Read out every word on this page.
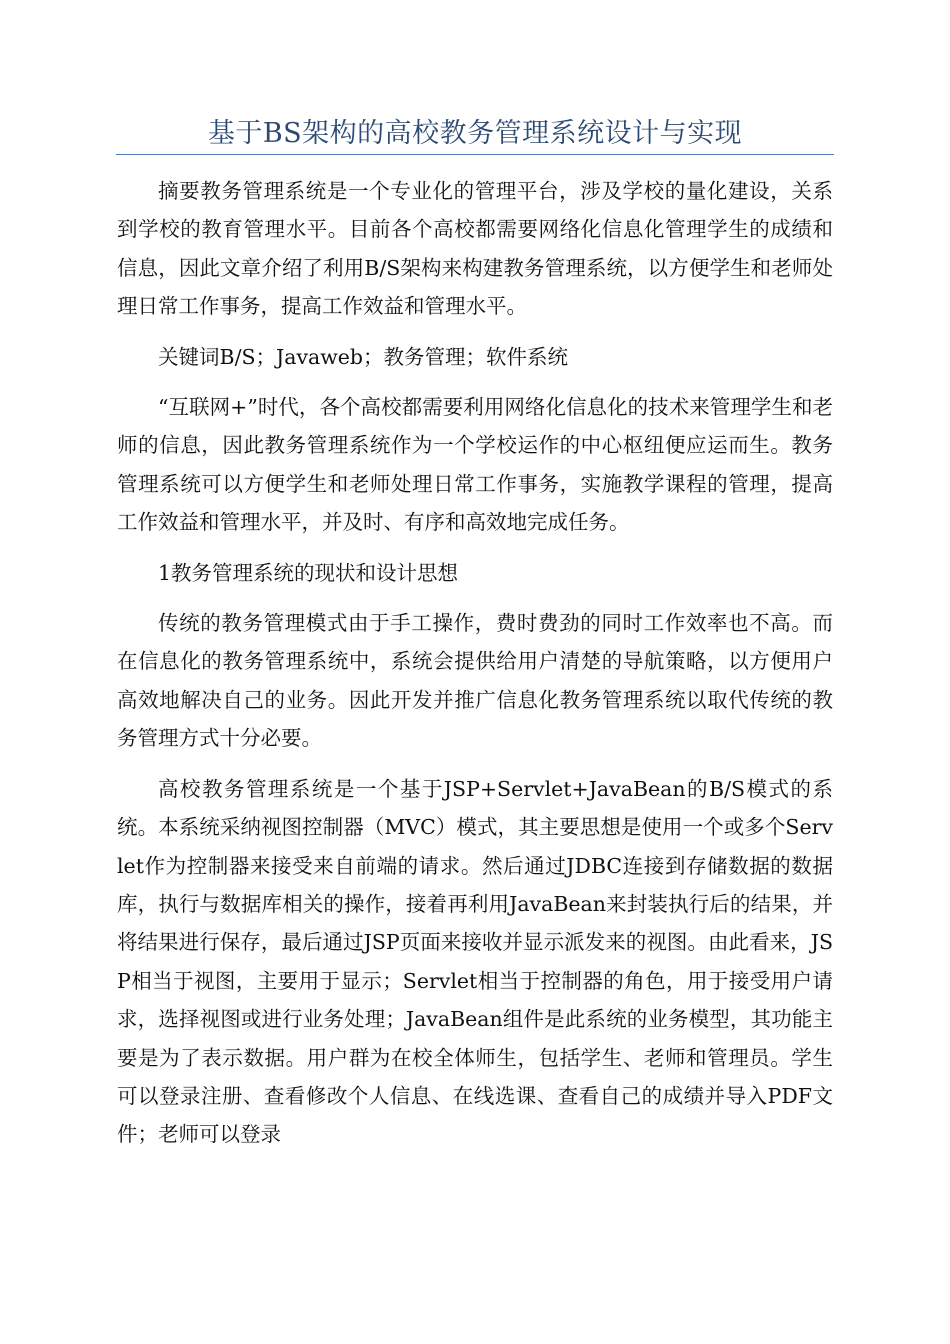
基于BS架构的高校教务管理系统设计与实现

摘要教务管理系统是一个专业化的管理平台，涉及学校的量化建设，关系到学校的教育管理水平。目前各个高校都需要网络化信息化管理学生的成绩和信息，因此文章介绍了利用B/S架构来构建教务管理系统，以方便学生和老师处理日常工作事务，提高工作效益和管理水平。

关键词B/S；Javaweb；教务管理；软件系统

“互联网+”时代，各个高校都需要利用网络化信息化的技术来管理学生和老师的信息，因此教务管理系统作为一个学校运作的中心枢纽便应运而生。教务管理系统可以方便学生和老师处理日常工作事务，实施教学课程的管理，提高工作效益和管理水平，并及时、有序和高效地完成任务。

1教务管理系统的现状和设计思想

传统的教务管理模式由于手工操作，费时费劲的同时工作效率也不高。而在信息化的教务管理系统中，系统会提供给用户清楚的导航策略，以方便用户高效地解决自己的业务。因此开发并推广信息化教务管理系统以取代传统的教务管理方式十分必要。

高校教务管理系统是一个基于JSP+Servlet+JavaBean的B/S模式的系统。本系统采纳视图控制器（MVC）模式，其主要思想是使用一个或多个Servlet作为控制器来接受来自前端的请求。然后通过JDBC连接到存储数据的数据库，执行与数据库相关的操作，接着再利用JavaBean来封装执行后的结果，并将结果进行保存，最后通过JSP页面来接收并显示派发来的视图。由此看来，JSP相当于视图，主要用于显示；Servlet相当于控制器的角色，用于接受用户请求，选择视图或进行业务处理；JavaBean组件是此系统的业务模型，其功能主要是为了表示数据。用户群为在校全体师生，包括学生、老师和管理员。学生可以登录注册、查看修改个人信息、在线选课、查看自己的成绩并导入PDF文件；老师可以登录
